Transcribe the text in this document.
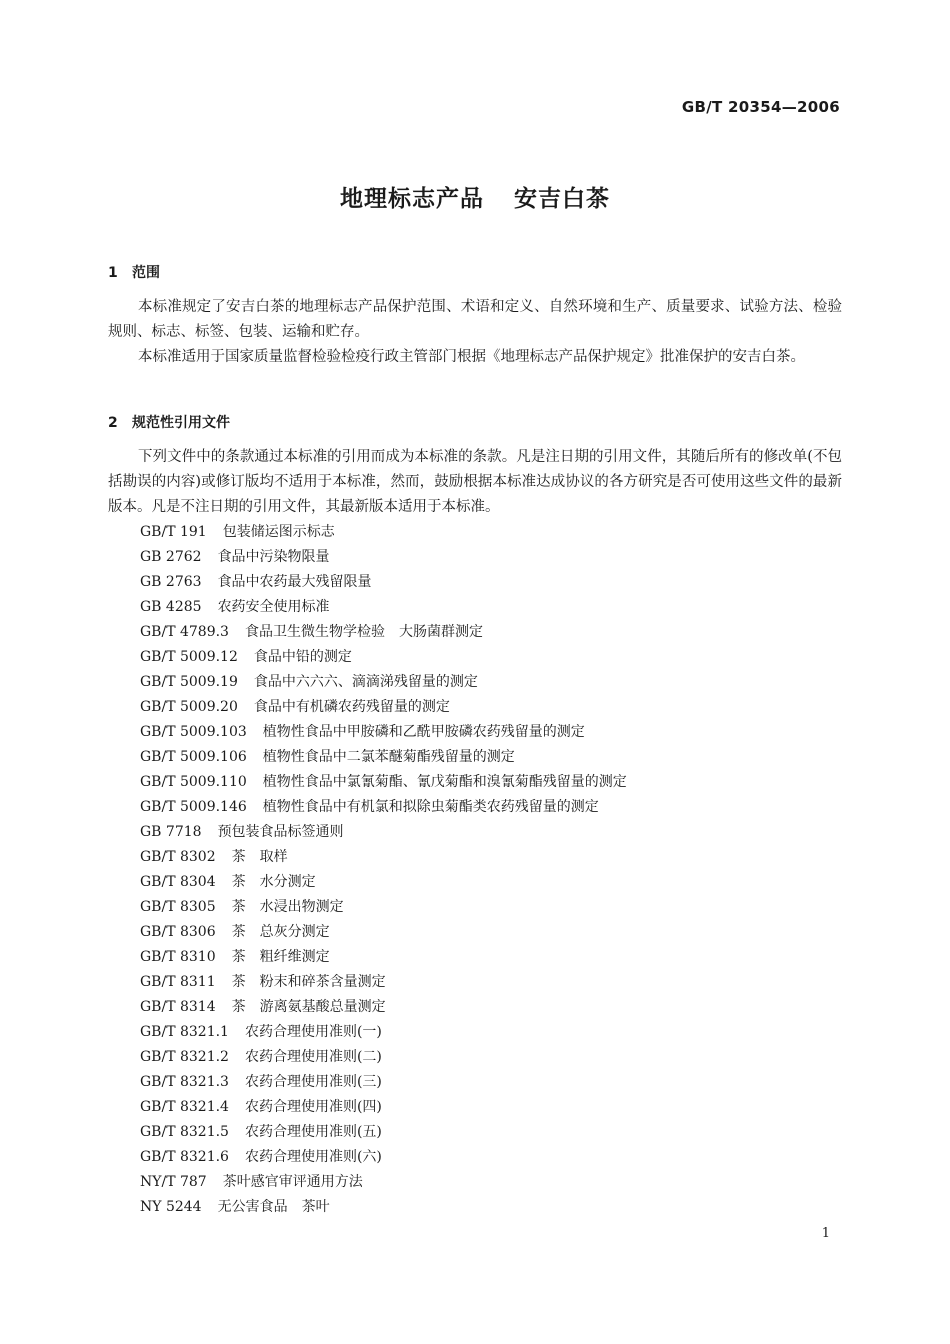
GB/T 20354—2006
地理标志产品 安吉白茶
1 范围

本标准规定了安吉白茶的地理标志产品保护范围、术语和定义、自然环境和生产、质量要求、试验方法、检验规则、标志、标签、包装、运输和贮存。

本标准适用于国家质量监督检验检疫行政主管部门根据《地理标志产品保护规定》批准保护的安吉白茶。

2 规范性引用文件

下列文件中的条款通过本标准的引用而成为本标准的条款。凡是注日期的引用文件，其随后所有的修改单(不包括勘误的内容)或修订版均不适用于本标准，然而，鼓励根据本标准达成协议的各方研究是否可使用这些文件的最新版本。凡是不注日期的引用文件，其最新版本适用于本标准。

GB/T 191 包装储运图示标志
GB 2762 食品中污染物限量
GB 2763 食品中农药最大残留限量
GB 4285 农药安全使用标准
GB/T 4789.3 食品卫生微生物学检验　大肠菌群测定
GB/T 5009.12 食品中铅的测定
GB/T 5009.19 食品中六六六、滴滴涕残留量的测定
GB/T 5009.20 食品中有机磷农药残留量的测定
GB/T 5009.103 植物性食品中甲胺磷和乙酰甲胺磷农药残留量的测定
GB/T 5009.106 植物性食品中二氯苯醚菊酯残留量的测定
GB/T 5009.110 植物性食品中氯氰菊酯、氰戊菊酯和溴氰菊酯残留量的测定
GB/T 5009.146 植物性食品中有机氯和拟除虫菊酯类农药残留量的测定
GB 7718 预包装食品标签通则
GB/T 8302 茶　取样
GB/T 8304 茶　水分测定
GB/T 8305 茶　水浸出物测定
GB/T 8306 茶　总灰分测定
GB/T 8310 茶　粗纤维测定
GB/T 8311 茶　粉末和碎茶含量测定
GB/T 8314 茶　游离氨基酸总量测定
GB/T 8321.1 农药合理使用准则(一)
GB/T 8321.2 农药合理使用准则(二)
GB/T 8321.3 农药合理使用准则(三)
GB/T 8321.4 农药合理使用准则(四)
GB/T 8321.5 农药合理使用准则(五)
GB/T 8321.6 农药合理使用准则(六)
NY/T 787 茶叶感官审评通用方法
NY 5244 无公害食品　茶叶
1
